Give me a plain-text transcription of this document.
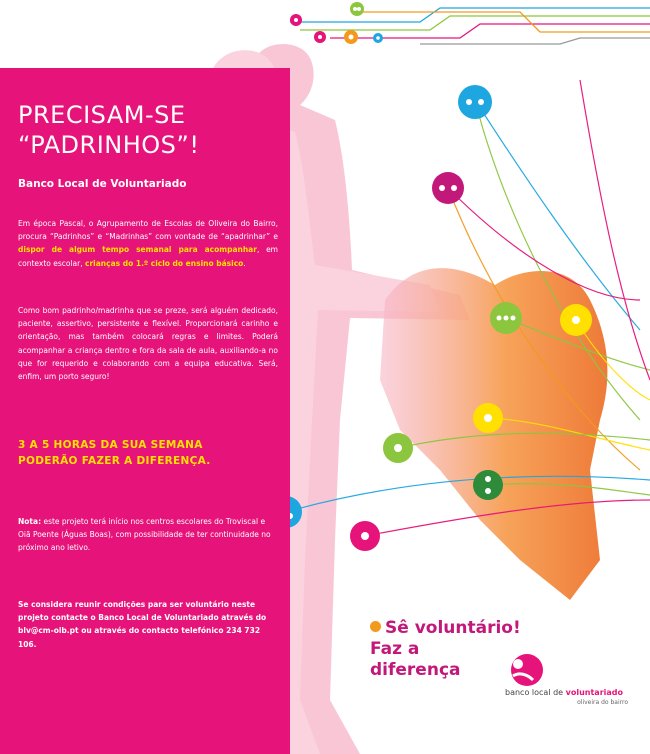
PRECISAM-SE “PADRINHOS”!
Banco Local de Voluntariado
Em época Pascal, o Agrupamento de Escolas de Oliveira do Bairro, procura “Padrinhos” e “Madrinhas” com vontade de “apadrinhar” e dispor de algum tempo semanal para acompanhar, em contexto escolar, crianças do 1.º ciclo do ensino básico.
Como bom padrinho/madrinha que se preze, será alguém dedicado, paciente, assertivo, persistente e flexível. Proporcionará carinho e orientação, mas também colocará regras e limites. Poderá acompanhar a criança dentro e fora da sala de aula, auxiliando-a no que for requerido e colaborando com a equipa educativa. Será, enfim, um porto seguro!
3 A 5 HORAS DA SUA SEMANA
PODERÃO FAZER A DIFERENÇA.
Nota: este projeto terá início nos centros escolares do Troviscal e Oiã Poente (Águas Boas), com possibilidade de ter continuidade no próximo ano letivo.
Se considera reunir condições para ser voluntário neste projeto contacte o Banco Local de Voluntariado através do blv@cm-olb.pt ou através do contacto telefónico 234 732 106.
Sê voluntário!
Faz a
diferença
banco local de voluntariado
oliveira do bairro
